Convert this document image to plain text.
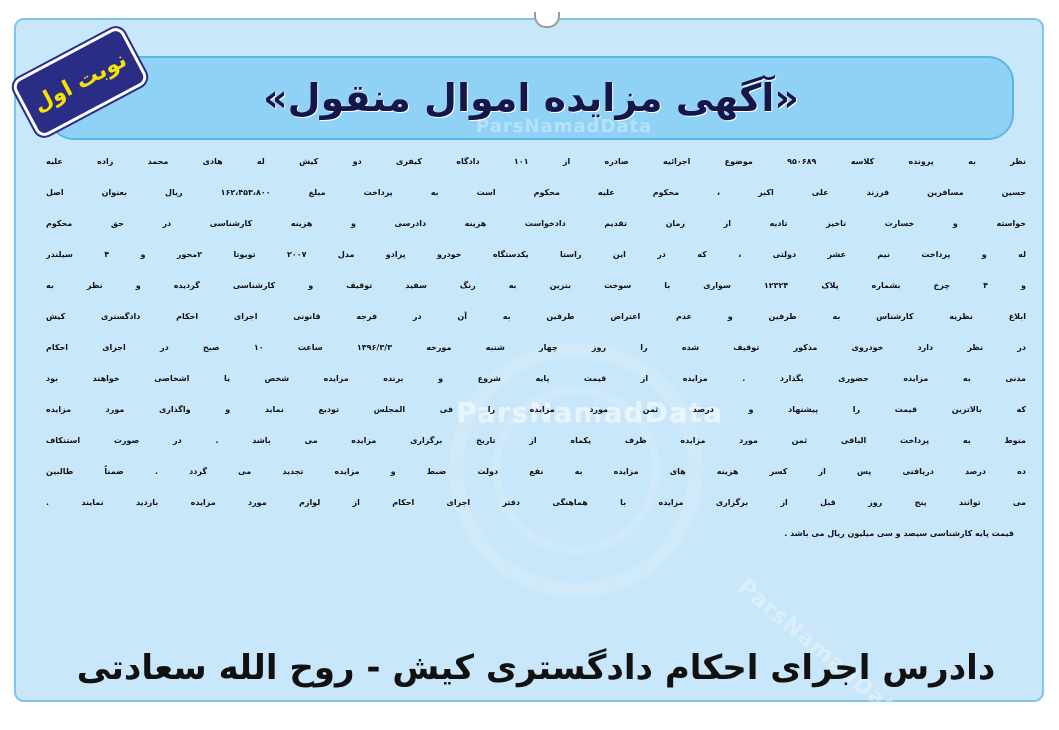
«آگهی مزایده اموال منقول»
نوبت اول
ParsNamadData
ParsNamadData
ParsNamadData
نظر به پرونده کلاسه ۹۵۰۶۸۹ موضوع اجرائیه صادره از ۱۰۱ دادگاه کیفری دو کیش له هادی محمد زاده علیه
حسین مسافرین فرزند علی اکبر ، محکوم علیه محکوم است به پرداخت مبلغ ۱۶۲،۴۵۳،۸۰۰ ریال بعنوان اصل
خواسته و خسارت تاخیر تادیه از زمان تقدیم دادخواست هزینه دادرسی و هزینه کارشناسی در حق محکوم
له و پرداخت نیم عشر دولتی ، که در این راستا یکدستگاه خودرو پرادو مدل ۲۰۰۷ تویوتا ۲محور و ۴ سیلندر
و ۴ چرخ بشماره پلاک ۱۲۳۲۴ سواری با سوخت بنزین به رنگ سفید توقیف و کارشناسی گردیده و نظر به
ابلاغ نظریه کارشناس به طرفین و عدم اعتراض طرفین به آن در فرجه قانونی اجرای احکام دادگستری کیش
در نظر دارد خودروی مذکور توقیف شده را روز چهار شنبه مورخه ۱۳۹۶/۳/۳ ساعت ۱۰ صبح در اجرای احکام
مدنی به مزایده حضوری بگذارد . مزایده از قیمت پایه شروع و برنده مزایده شخص یا اشخاصی خواهند بود
که بالاترین قیمت را پیشنهاد و درصد ثمن مورد مزایده را فی المجلس تودیع نماید و واگذاری مورد مزایده
منوط به پرداخت الباقی ثمن مورد مزایده ظرف یکماه از تاریخ برگزاری مزایده می باشد . در صورت استنکاف
ده درصد دریافتی پس از کسر هزینه های مزایده به نفع دولت ضبط و مزایده تجدید می گردد . ضمناً طالبین
می توانند پنج روز قبل از برگزاری مزایده با هماهنگی دفتر اجرای احکام از لوازم مورد مزایده بازدید نمایند .
قیمت پایه کارشناسی سیصد و سی میلیون ریال می باشد .
دادرس اجرای احکام دادگستری کیش - روح الله سعادتی
